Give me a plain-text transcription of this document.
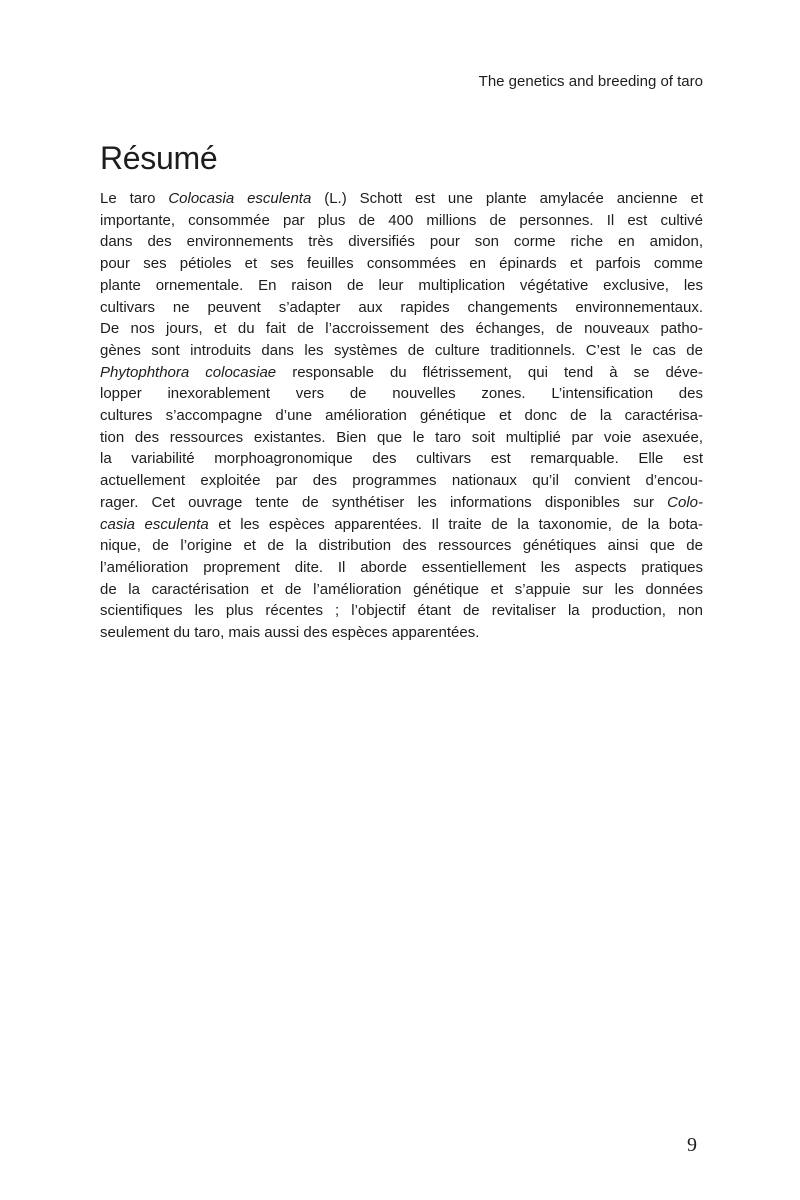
The genetics and breeding of taro
Résumé
Le taro Colocasia esculenta (L.) Schott est une plante amylacée ancienne et
importante, consommée par plus de 400 millions de personnes. Il est cultivé
dans des environnements très diversifiés pour son corme riche en amidon,
pour ses pétioles et ses feuilles consommées en épinards et parfois comme
plante ornementale. En raison de leur multiplication végétative exclusive, les
cultivars ne peuvent s’adapter aux rapides changements environnementaux.
De nos jours, et du fait de l’accroissement des échanges, de nouveaux patho-
gènes sont introduits dans les systèmes de culture traditionnels. C’est le cas de
Phytophthora colocasiae responsable du flétrissement, qui tend à se déve-
lopper inexorablement vers de nouvelles zones. L’intensification des
cultures s’accompagne d’une amélioration génétique et donc de la caractérisa-
tion des ressources existantes. Bien que le taro soit multiplié par voie asexuée,
la variabilité morphoagronomique des cultivars est remarquable. Elle est
actuellement exploitée par des programmes nationaux qu’il convient d’encou-
rager. Cet ouvrage tente de synthétiser les informations disponibles sur Colo-
casia esculenta et les espèces apparentées. Il traite de la taxonomie, de la bota-
nique, de l’origine et de la distribution des ressources génétiques ainsi que de
l’amélioration proprement dite. Il aborde essentiellement les aspects pratiques
de la caractérisation et de l’amélioration génétique et s’appuie sur les données
scientifiques les plus récentes ; l’objectif étant de revitaliser la production, non
seulement du taro, mais aussi des espèces apparentées.
9
